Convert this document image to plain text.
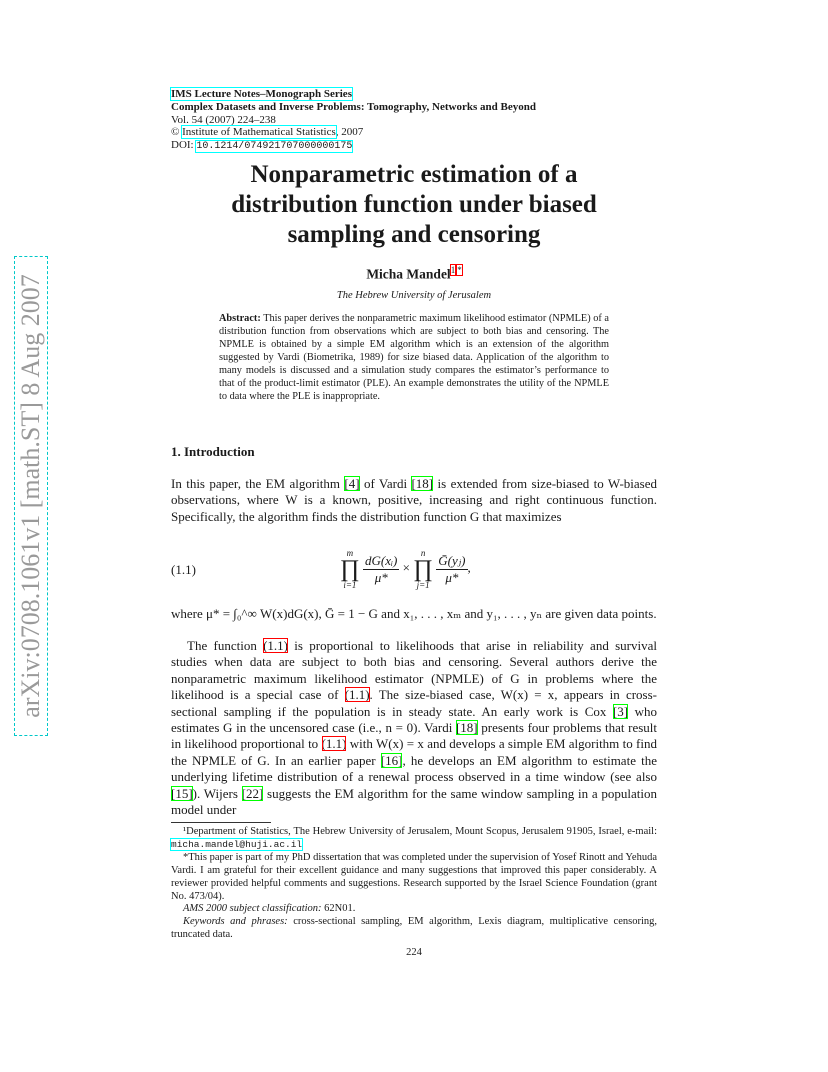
IMS Lecture Notes–Monograph Series
Complex Datasets and Inverse Problems: Tomography, Networks and Beyond
Vol. 54 (2007) 224–238
© Institute of Mathematical Statistics, 2007
DOI: 10.1214/074921707000000175
arXiv:0708.1061v1 [math.ST] 8 Aug 2007
Nonparametric estimation of a
distribution function under biased
sampling and censoring
Micha Mandel$^{1 *}$
The Hebrew University of Jerusalem
Abstract: This paper derives the nonparametric maximum likelihood estimator (NPMLE) of a distribution function from observations which are subject to both bias and censoring. The NPMLE is obtained by a simple EM algorithm which is an extension of the algorithm suggested by Vardi (Biometrika, 1989) for size biased data. Application of the algorithm to many models is discussed and a simulation study compares the estimator’s performance to that of the product-limit estimator (PLE). An example demonstrates the utility of the NPMLE to data where the PLE is inappropriate.
1. Introduction
In this paper, the EM algorithm [4] of Vardi [18] is extended from size-biased to W-biased observations, where W is a known, positive, increasing and right continuous function. Specifically, the algorithm finds the distribution function G that maximizes
(1.1)
m
∏
$i=1 \frac{\text{dG(xᵢ)}}{\mu*} \times n$
∏
$j=1 \frac{\text{Ḡ(yⱼ)}}{\mu*}$ ,
where μ* = ∫₀^∞ W(x)dG(x), Ḡ = 1 − G and x₁, . . . , xₘ and y₁, . . . , yₙ are given data points.
The function (1.1) is proportional to likelihoods that arise in reliability and survival studies when data are subject to both bias and censoring. Several authors derive the nonparametric maximum likelihood estimator (NPMLE) of G in problems where the likelihood is a special case of (1.1). The size-biased case, W(x) = x, appears in cross-sectional sampling if the population is in steady state. An early work is Cox [3] who estimates G in the uncensored case (i.e., n = 0). Vardi [18] presents four problems that result in likelihood proportional to (1.1) with W(x) = x and develops a simple EM algorithm to find the NPMLE of G. In an earlier paper [16], he develops an EM algorithm to estimate the underlying lifetime distribution of a renewal process observed in a time window (see also [15]). Wijers [22] suggests the EM algorithm for the same window sampling in a population model under

¹Department of Statistics, The Hebrew University of Jerusalem, Mount Scopus, Jerusalem 91905, Israel, e-mail: micha.mandel@huji.ac.il

*This paper is part of my PhD dissertation that was completed under the supervision of Yosef Rinott and Yehuda Vardi. I am grateful for their excellent guidance and many suggestions that improved this paper considerably. A reviewer provided helpful comments and suggestions. Research supported by the Israel Science Foundation (grant No. 473/04).

AMS 2000 subject classification: 62N01.

Keywords and phrases: cross-sectional sampling, EM algorithm, Lexis diagram, multiplicative censoring, truncated data.

224
